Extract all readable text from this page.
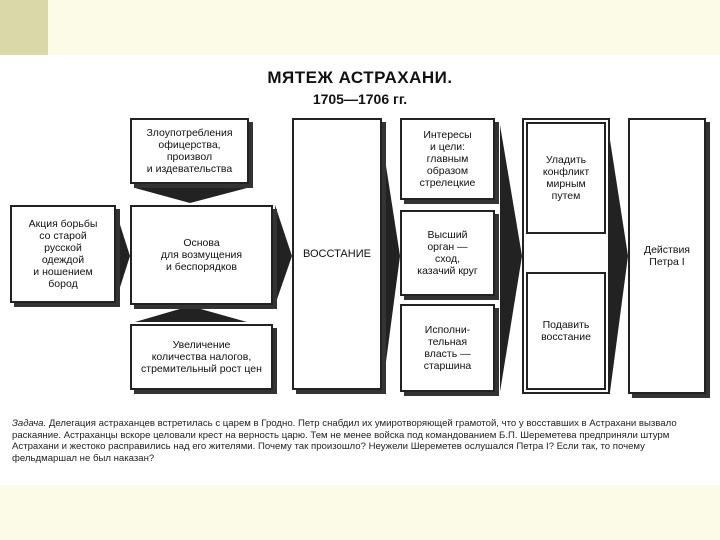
МЯТЕЖ АСТРАХАНИ.
1705—1706 гг.
Злоупотребления
офицерства,
произвол
и издевательства
Акция борьбы
со старой
русской
одеждой
и ношением
бород
Основа
для возмущения
и беспорядков
Увеличение
количества налогов,
стремительный рост цен
ВОССТАНИЕ
Интересы
и цели:
главным
образом
стрелецкие
Высший
орган —
сход,
казачий круг
Исполни-
тельная
власть —
старшина
Уладить
конфликт
мирным
путем
Подавить
восстание
Действия
Петра I
Задача. Делегация астраханцев встретилась с царем в Гродно. Петр снабдил их умиротворяющей грамотой, что у восставших в Астрахани вызвало раскаяние. Астраханцы вскоре целовали крест на верность царю. Тем не менее войска под командованием Б.П. Шереметева предприняли штурм Астрахани и жестоко расправились над его жителями. Почему так произошло? Неужели Шереметев ослушался Петра I? Если так, то почему фельдмаршал не был наказан?
